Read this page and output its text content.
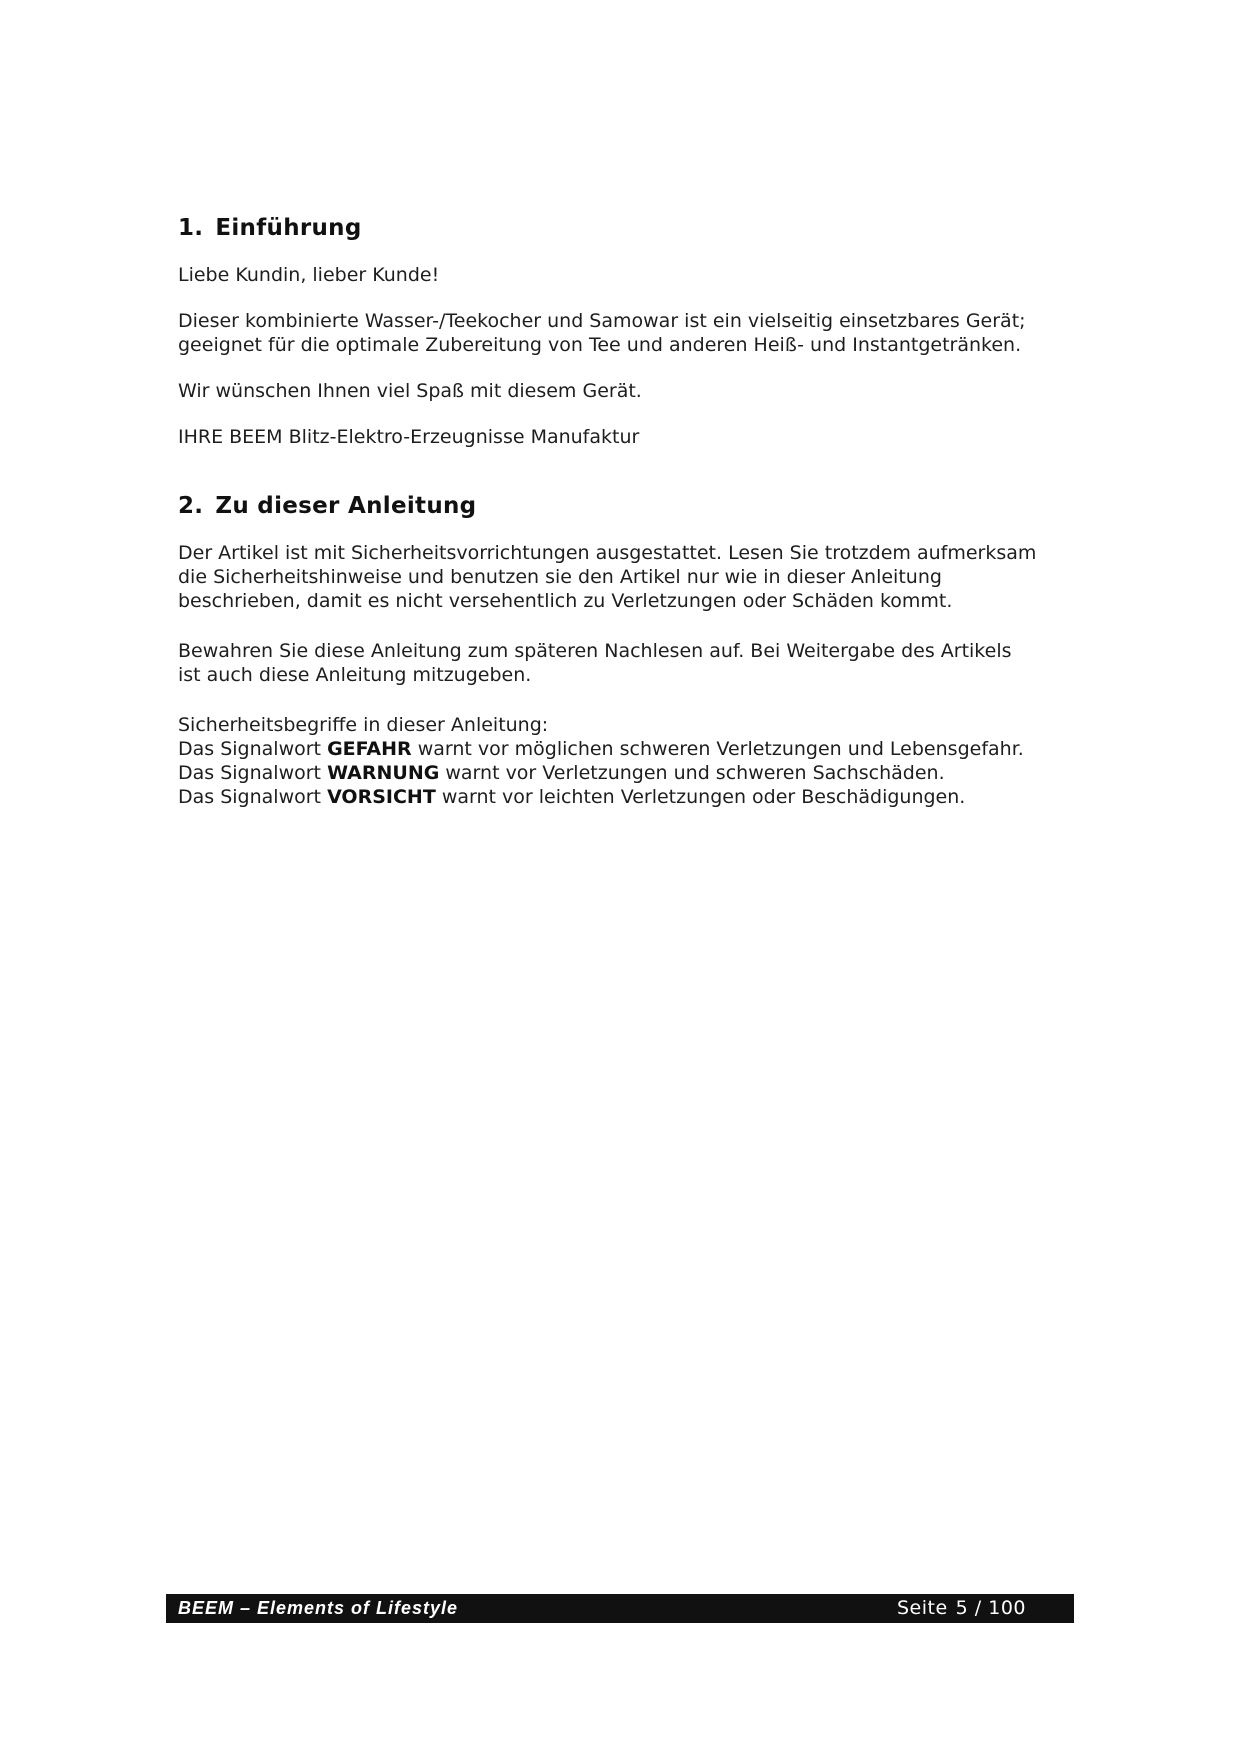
1. Einführung

Liebe Kundin, lieber Kunde!

Dieser kombinierte Wasser-/Teekocher und Samowar ist ein vielseitig einsetzbares Gerät;
geeignet für die optimale Zubereitung von Tee und anderen Heiß- und Instantgetränken.

Wir wünschen Ihnen viel Spaß mit diesem Gerät.

IHRE BEEM Blitz-Elektro-Erzeugnisse Manufaktur

2. Zu dieser Anleitung

Der Artikel ist mit Sicherheitsvorrichtungen ausgestattet. Lesen Sie trotzdem aufmerksam
die Sicherheitshinweise und benutzen sie den Artikel nur wie in dieser Anleitung
beschrieben, damit es nicht versehentlich zu Verletzungen oder Schäden kommt.

Bewahren Sie diese Anleitung zum späteren Nachlesen auf. Bei Weitergabe des Artikels
ist auch diese Anleitung mitzugeben.

Sicherheitsbegriffe in dieser Anleitung:
Das Signalwort GEFAHR warnt vor möglichen schweren Verletzungen und Lebensgefahr.
Das Signalwort WARNUNG warnt vor Verletzungen und schweren Sachschäden.
Das Signalwort VORSICHT warnt vor leichten Verletzungen oder Beschädigungen.

BEEM – Elements of Lifestyle	Seite 5 / 100
